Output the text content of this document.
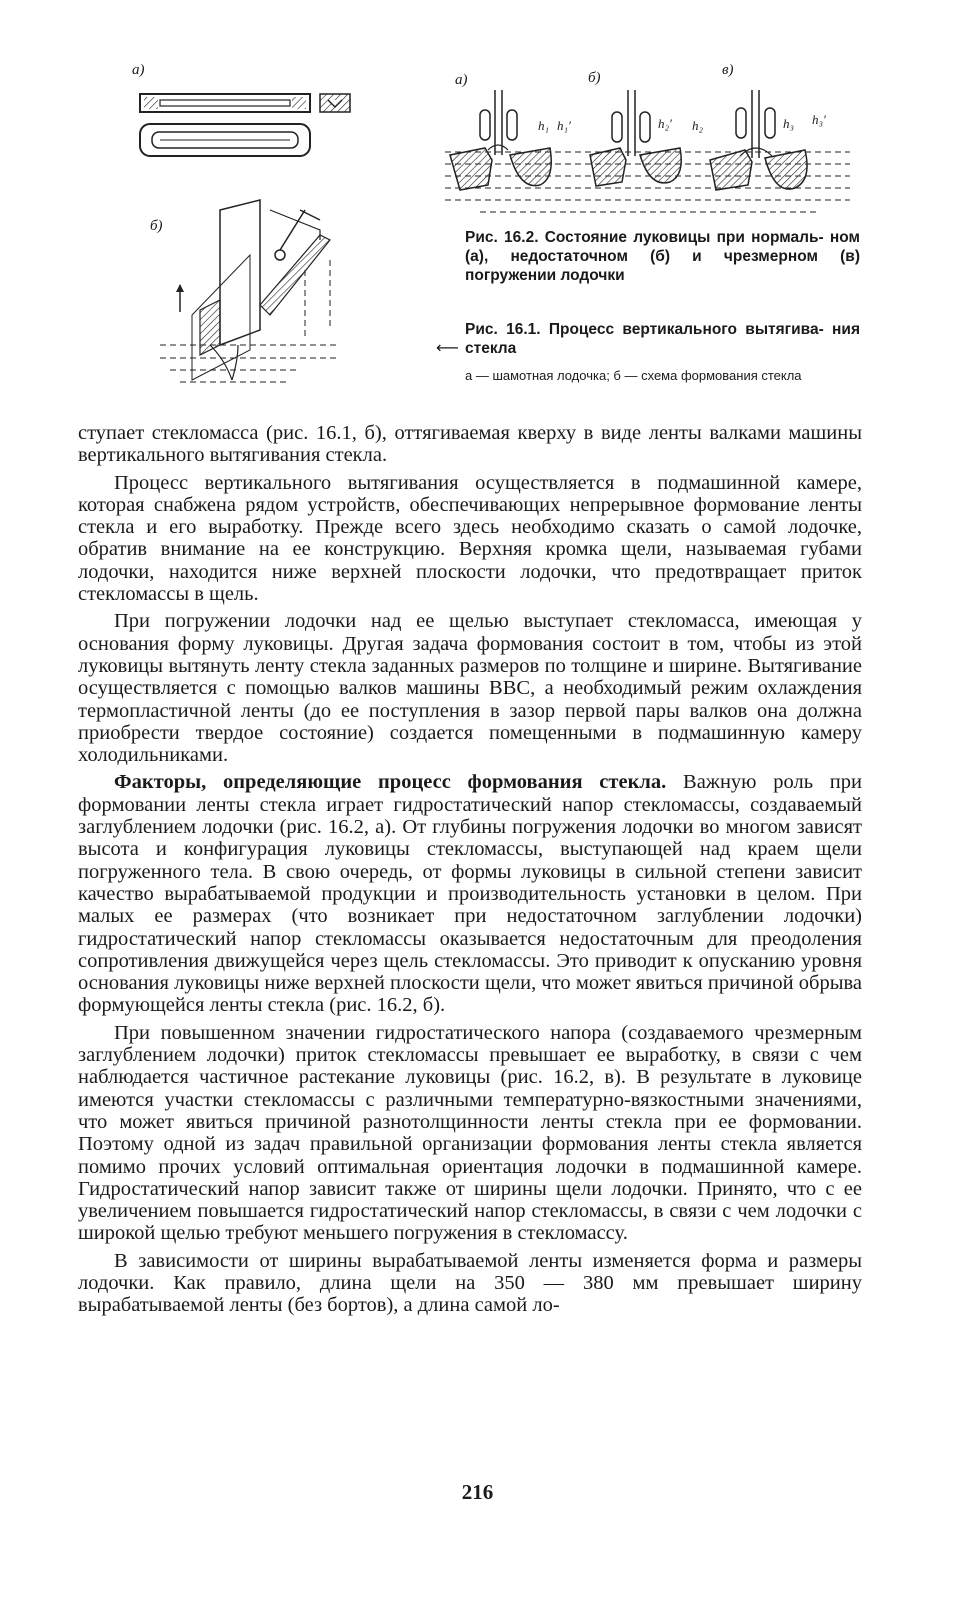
а)
б)
а)	б)	в)
h₁ h₁′	h₂′ h₂	h₃ h₃′
Рис. 16.2. Состояние луковицы при нормаль- ном (а), недостаточном (б) и чрезмерном (в) погружении лодочки
Рис. 16.1. Процесс вертикального вытягива- ния стекла
⟵
а — шамотная лодочка; б — схема формования стекла

ступает стекломасса (рис. 16.1, б), оттягиваемая кверху в виде ленты валками машины вертикального вытягивания стекла.

Процесс вертикального вытягивания осуществляется в подмашинной камере, которая снабжена рядом устройств, обеспечивающих непрерывное формование ленты стекла и его выработку. Прежде всего здесь необходимо сказать о самой лодочке, обратив внимание на ее конструкцию. Верхняя кромка щели, называемая губами лодочки, находится ниже верхней плоскости лодочки, что предотвращает приток стекломассы в щель.

При погружении лодочки над ее щелью выступает стекломасса, имеющая у основания форму луковицы. Другая задача формования состоит в том, чтобы из этой луковицы вытянуть ленту стекла заданных размеров по толщине и ширине. Вытягивание осуществляется с помощью валков машины ВВС, а необходимый режим охлаждения термопластичной ленты (до ее поступления в зазор первой пары валков она должна приобрести твердое состояние) создается помещенными в подмашинную камеру холодильниками.

Факторы, определяющие процесс формования стекла. Важную роль при формовании ленты стекла играет гидростатический напор стекломассы, создаваемый заглублением лодочки (рис. 16.2, а). От глубины погружения лодочки во многом зависят высота и конфигурация луковицы стекломассы, выступающей над краем щели погруженного тела. В свою очередь, от формы луковицы в сильной степени зависит качество вырабатываемой продукции и производительность установки в целом. При малых ее размерах (что возникает при недостаточном заглублении лодочки) гидростатический напор стекломассы оказывается недостаточным для преодоления сопротивления движущейся через щель стекломассы. Это приводит к опусканию уровня основания луковицы ниже верхней плоскости щели, что может явиться причиной обрыва формующейся ленты стекла (рис. 16.2, б).

При повышенном значении гидростатического напора (создаваемого чрезмерным заглублением лодочки) приток стекломассы превышает ее выработку, в связи с чем наблюдается частичное растекание луковицы (рис. 16.2, в). В результате в луковице имеются участки стекломассы с различными температурно-вязкостными значениями, что может явиться причиной разнотолщинности ленты стекла при ее формовании. Поэтому одной из задач правильной организации формования ленты стекла является помимо прочих условий оптимальная ориентация лодочки в подмашинной камере. Гидростатический напор зависит также от ширины щели лодочки. Принято, что с ее увеличением повышается гидростатический напор стекломассы, в связи с чем лодочки с широкой щелью требуют меньшего погружения в стекломассу.

В зависимости от ширины вырабатываемой ленты изменяется форма и размеры лодочки. Как правило, длина щели на 350 — 380 мм превышает ширину вырабатываемой ленты (без бортов), а длина самой ло-

216
